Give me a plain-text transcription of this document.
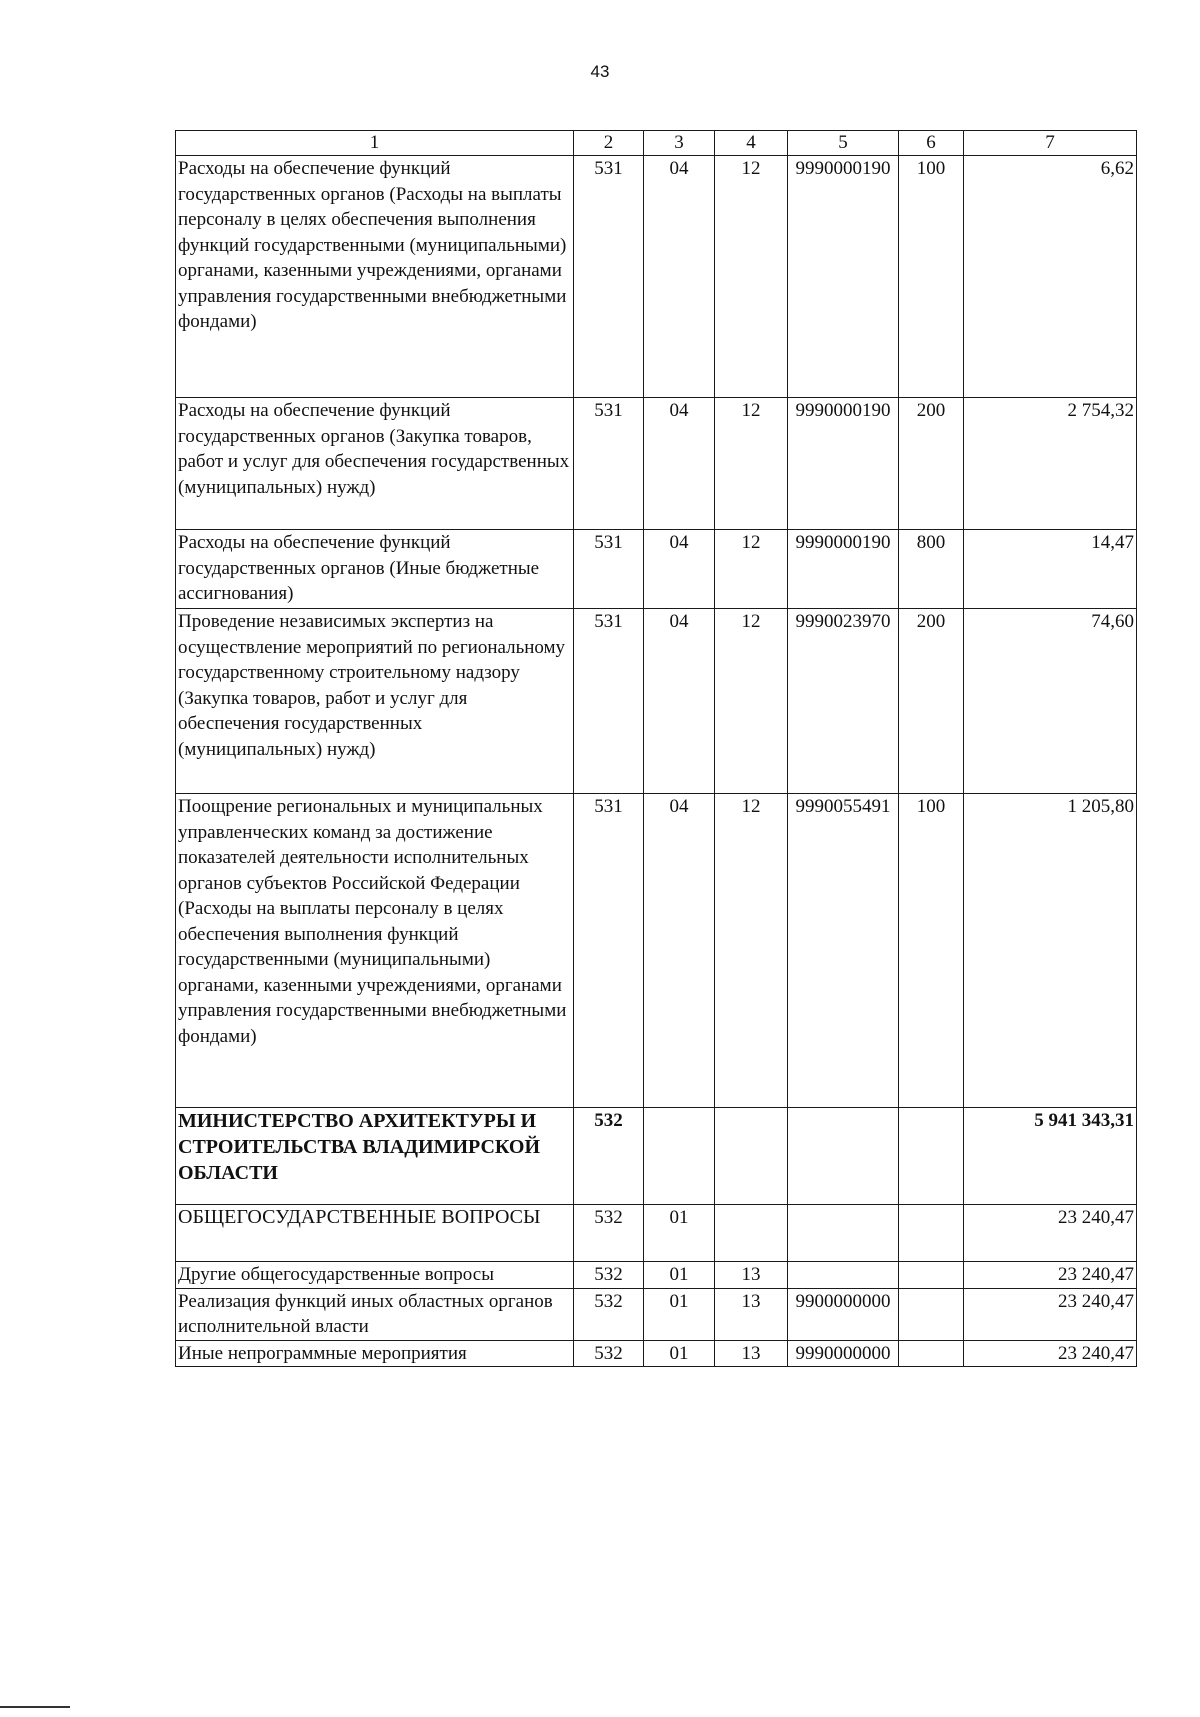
43
1	2	3	4	5	6	7
Расходы на обеспечение функций государственных органов (Расходы на выплаты персоналу в целях обеспечения выполнения функций государственными (муниципальными) органами, казенными учреждениями, органами управления государственными внебюджетными фондами)	531	04	12	9990000190	100	6,62
Расходы на обеспечение функций государственных органов (Закупка товаров, работ и услуг для обеспечения государственных (муниципальных) нужд)	531	04	12	9990000190	200	2 754,32
Расходы на обеспечение функций государственных органов (Иные бюджетные ассигнования)	531	04	12	9990000190	800	14,47
Проведение независимых экспертиз на осуществление мероприятий по региональному государственному строительному надзору (Закупка товаров, работ и услуг для обеспечения государственных (муниципальных) нужд)	531	04	12	9990023970	200	74,60
Поощрение региональных и муниципальных управленческих команд за достижение показателей деятельности исполнительных органов субъектов Российской Федерации (Расходы на выплаты персоналу в целях обеспечения выполнения функций государственными (муниципальными) органами, казенными учреждениями, органами управления государственными внебюджетными фондами)	531	04	12	9990055491	100	1 205,80
МИНИСТЕРСТВО АРХИТЕКТУРЫ И СТРОИТЕЛЬСТВА ВЛАДИМИРСКОЙ ОБЛАСТИ	532					5 941 343,31
ОБЩЕГОСУДАРСТВЕННЫЕ ВОПРОСЫ	532	01				23 240,47
Другие общегосударственные вопросы	532	01	13			23 240,47
Реализация функций иных областных органов исполнительной власти	532	01	13	9900000000		23 240,47
Иные непрограммные мероприятия	532	01	13	9990000000		23 240,47
